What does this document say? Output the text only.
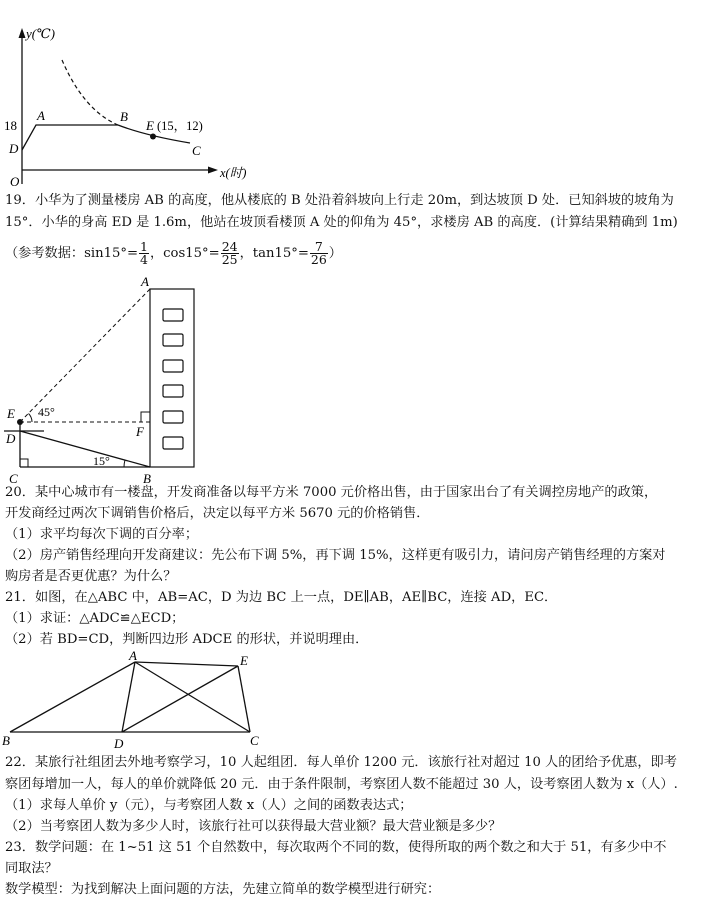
y(℃)
18
A	B
E (15，12)
C
D
O
x(时)
19．小华为了测量楼房 AB 的高度，他从楼底的 B 处沿着斜坡向上行走 20m，到达坡顶 D 处．已知斜坡的坡角为
15°．小华的身高 ED 是 1.6m，他站在坡顶看楼顶 A 处的仰角为 45°，求楼房 AB 的高度．(计算结果精确到 1m)
（参考数据：$\sin 15^\circ= \frac{1}{4}$ ，$\cos 15^\circ= \frac{24}{25}$ ，$\tan 15^\circ= \frac{7}{26}$ ）
A
E 45°
D	F
C
15°
B
20．某中心城市有一楼盘，开发商准备以每平方米 7000 元价格出售，由于国家出台了有关调控房地产的政策，
开发商经过两次下调销售价格后，决定以每平方米 5670 元的价格销售．
（1）求平均每次下调的百分率；
（2）房产销售经理向开发商建议：先公布下调 5%，再下调 15%，这样更有吸引力，请问房产销售经理的方案对
购房者是否更优惠？为什么？
21．如图，在△ABC 中，AB=AC，D 为边 BC 上一点，DE∥AB，AE∥BC，连接 AD，EC．
（1）求证：△ADC≌△ECD；
（2）若 BD=CD，判断四边形 ADCE 的形状，并说明理由．
A	E
B	D	C
22．某旅行社组团去外地考察学习，10 人起组团．每人单价 1200 元．该旅行社对超过 10 人的团给予优惠，即考
察团每增加一人，每人的单价就降低 20 元．由于条件限制，考察团人数不能超过 30 人，设考察团人数为 x（人）.
（1）求每人单价 y（元），与考察团人数 x（人）之间的函数表达式；
（2）当考察团人数为多少人时，该旅行社可以获得最大营业额？最大营业额是多少？
23．数学问题：在 1~51 这 51 个自然数中，每次取两个不同的数，使得所取的两个数之和大于 51，有多少中不
同取法？
数学模型：为找到解决上面问题的方法，先建立简单的数学模型进行研究：
